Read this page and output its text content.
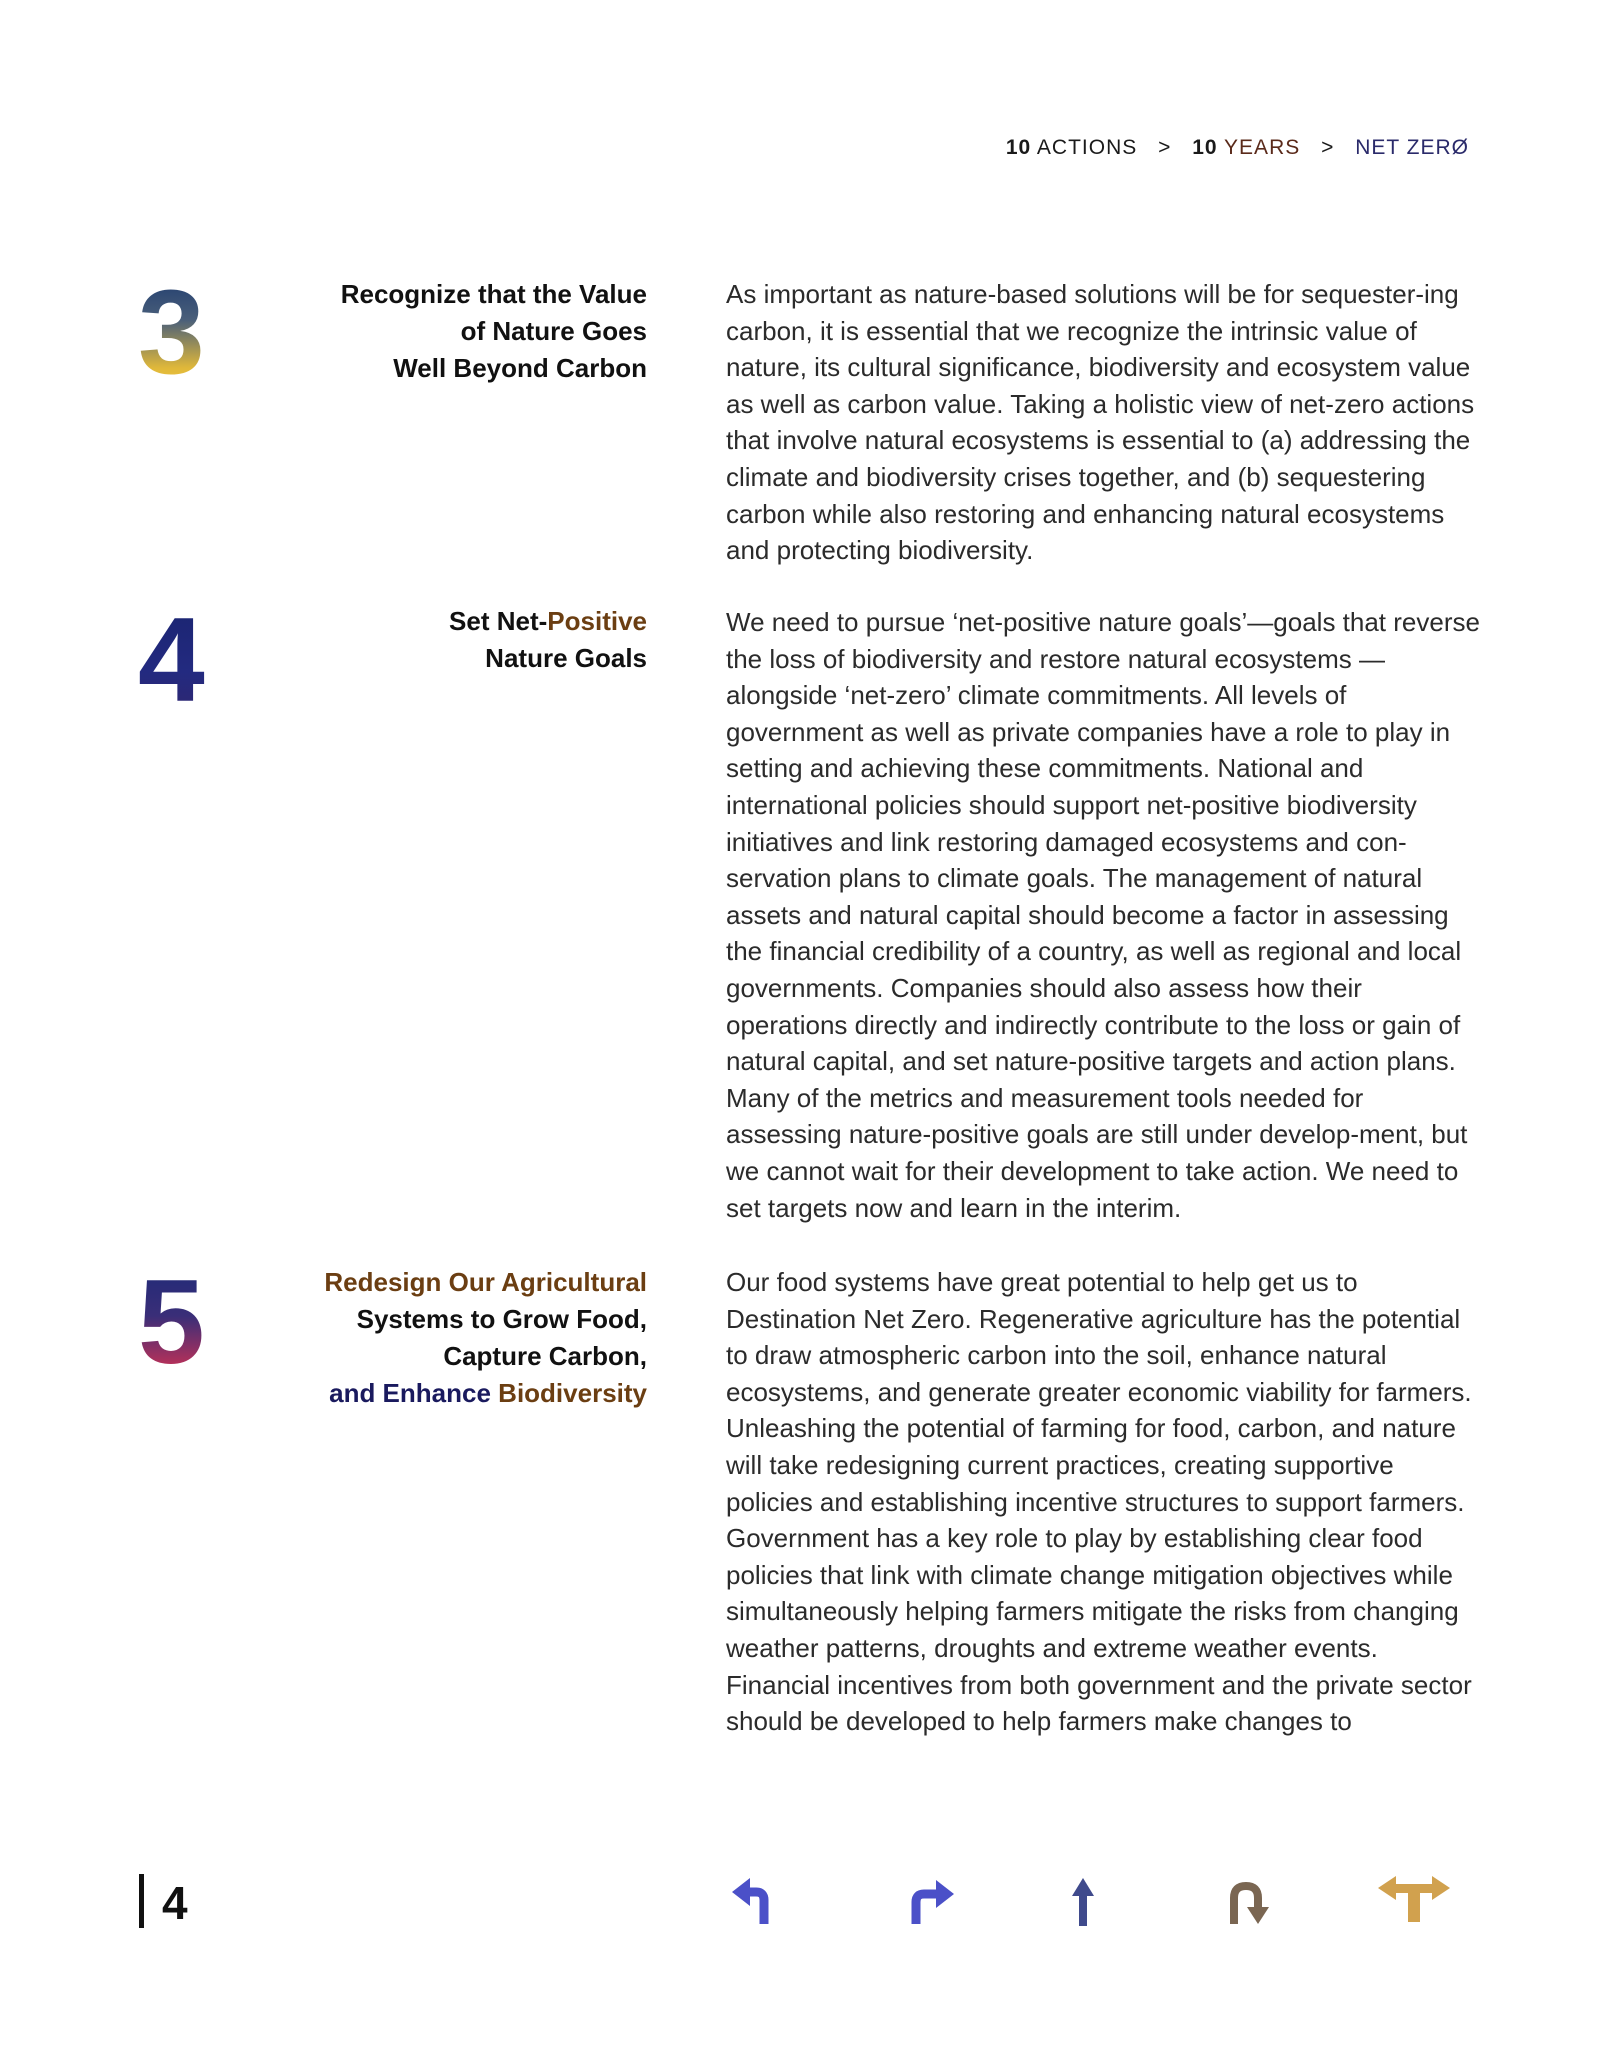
10 ACTIONS > 10 YEARS > NET ZERØ
3	Recognize that the Value
of Nature Goes
Well Beyond Carbon

As important as nature-based solutions will be for sequester-ing carbon, it is essential that we recognize the intrinsic value of nature, its cultural significance, biodiversity and ecosystem value as well as carbon value. Taking a holistic view of net-zero actions that involve natural ecosystems is essential to (a) addressing the climate and biodiversity crises together, and (b) sequestering carbon while also restoring and enhancing natural ecosystems and protecting biodiversity.

4	Set Net-Positive
Nature Goals

We need to pursue ‘net-positive nature goals’—goals that reverse the loss of biodiversity and restore natural ecosystems —alongside ‘net-zero’ climate commitments. All levels of government as well as private companies have a role to play in setting and achieving these commitments. National and international policies should support net-positive biodiversity initiatives and link restoring damaged ecosystems and con-servation plans to climate goals. The management of natural assets and natural capital should become a factor in assessing the financial credibility of a country, as well as regional and local governments. Companies should also assess how their operations directly and indirectly contribute to the loss or gain of natural capital, and set nature-positive targets and action plans. Many of the metrics and measurement tools needed for assessing nature-positive goals are still under develop-ment, but we cannot wait for their development to take action. We need to set targets now and learn in the interim.

5	Redesign Our Agricultural
Systems to Grow Food,
Capture Carbon,
and Enhance Biodiversity

Our food systems have great potential to help get us to Destination Net Zero. Regenerative agriculture has the potential to draw atmospheric carbon into the soil, enhance natural ecosystems, and generate greater economic viability for farmers. Unleashing the potential of farming for food, carbon, and nature will take redesigning current practices, creating supportive policies and establishing incentive structures to support farmers. Government has a key role to play by establishing clear food policies that link with climate change mitigation objectives while simultaneously helping farmers mitigate the risks from changing weather patterns, droughts and extreme weather events. Financial incentives from both government and the private sector should be developed to help farmers make changes to

4
